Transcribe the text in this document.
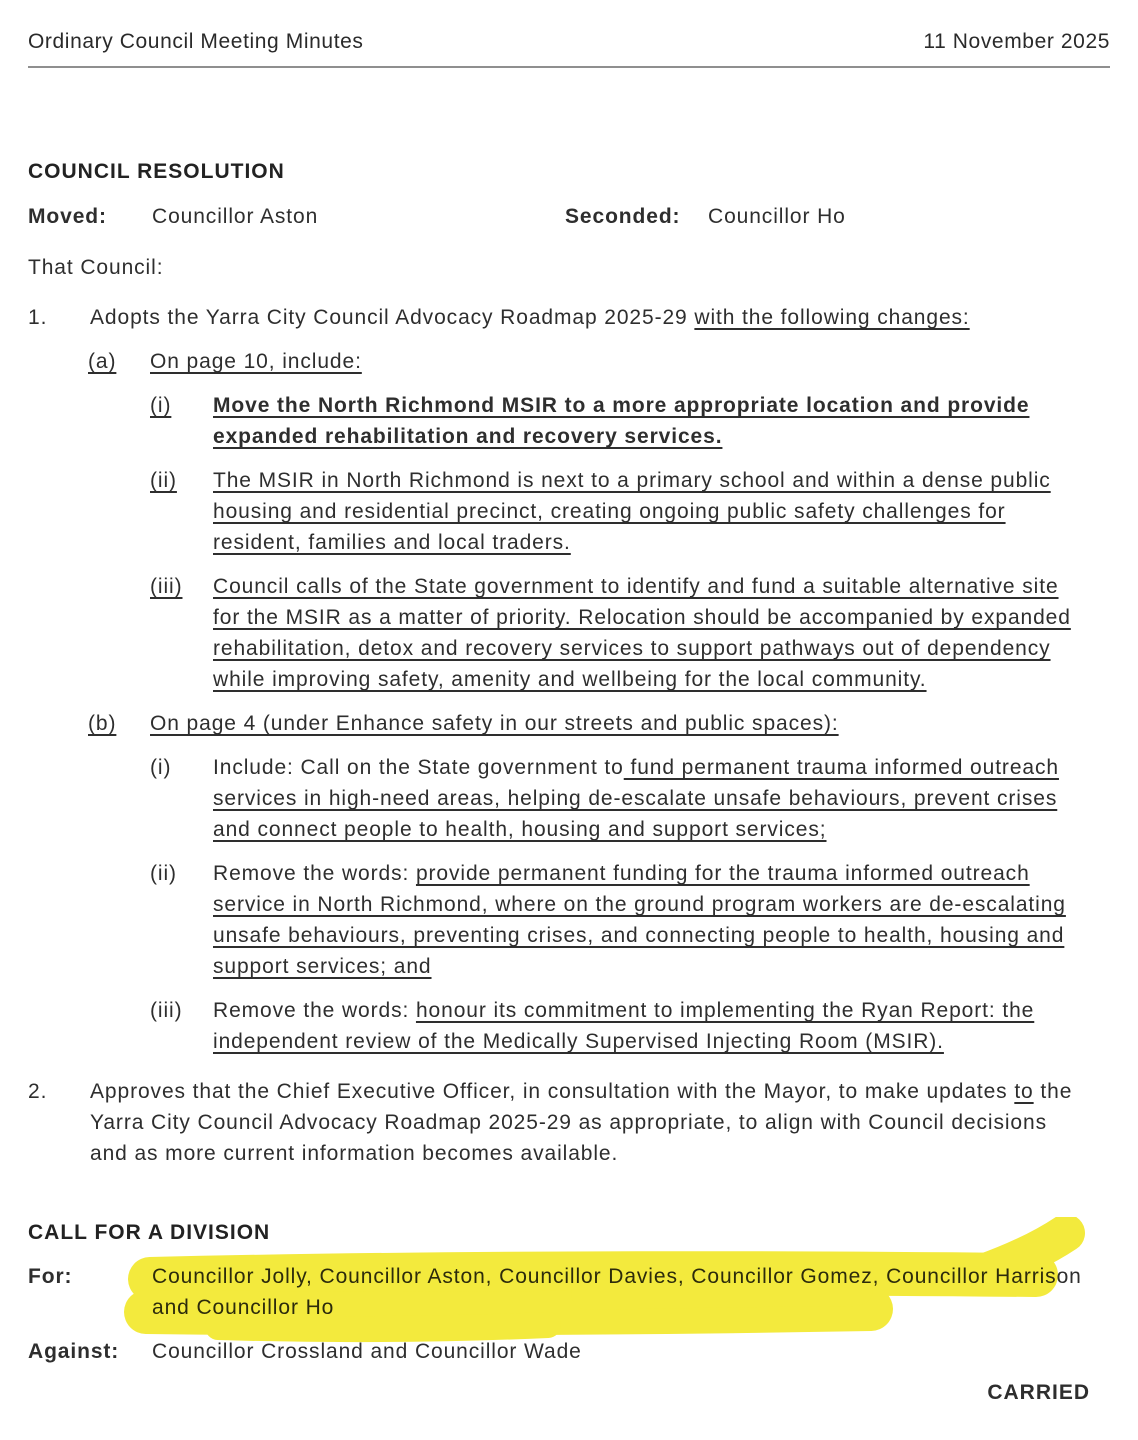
Ordinary Council Meeting Minutes	11 November 2025
COUNCIL RESOLUTION
Moved:	Councillor Aston	Seconded:	Councillor Ho
That Council:
1.	Adopts the Yarra City Council Advocacy Roadmap 2025-29 with the following changes:
(a)	On page 10, include:
(i)	Move the North Richmond MSIR to a more appropriate location and provide expanded rehabilitation and recovery services.
(ii)	The MSIR in North Richmond is next to a primary school and within a dense public housing and residential precinct, creating ongoing public safety challenges for resident, families and local traders.
(iii)	Council calls of the State government to identify and fund a suitable alternative site for the MSIR as a matter of priority. Relocation should be accompanied by expanded rehabilitation, detox and recovery services to support pathways out of dependency while improving safety, amenity and wellbeing for the local community.
(b)	On page 4 (under Enhance safety in our streets and public spaces):
(i)	Include: Call on the State government to fund permanent trauma informed outreach services in high-need areas, helping de-escalate unsafe behaviours, prevent crises and connect people to health, housing and support services;
(ii)	Remove the words: provide permanent funding for the trauma informed outreach service in North Richmond, where on the ground program workers are de-escalating unsafe behaviours, preventing crises, and connecting people to health, housing and support services; and
(iii)	Remove the words: honour its commitment to implementing the Ryan Report: the independent review of the Medically Supervised Injecting Room (MSIR).
2.	Approves that the Chief Executive Officer, in consultation with the Mayor, to make updates to the Yarra City Council Advocacy Roadmap 2025-29 as appropriate, to align with Council decisions and as more current information becomes available.
CALL FOR A DIVISION
For:	Councillor Jolly, Councillor Aston, Councillor Davies, Councillor Gomez, Councillor Harrison and Councillor Ho
Against:	Councillor Crossland and Councillor Wade
CARRIED
